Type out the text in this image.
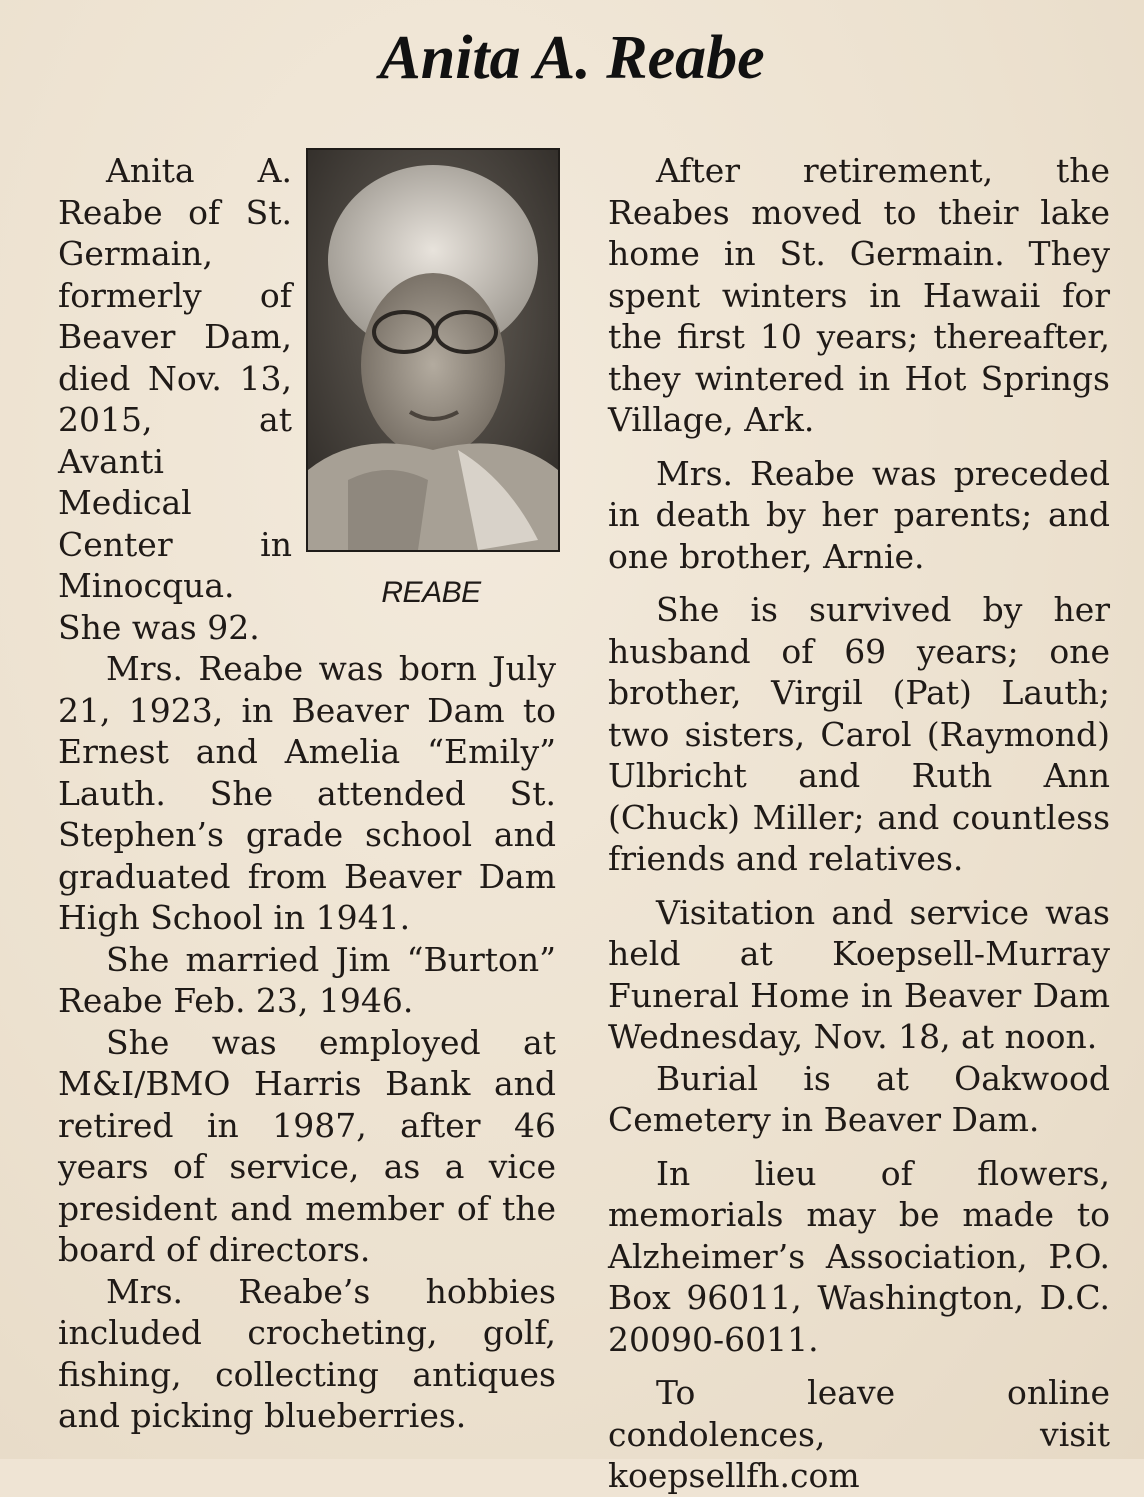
Anita A. Reabe
REABE

Anita A. Reabe of St. Germain, formerly of Beaver Dam, died Nov. 13, 2015, at Avanti Medical Center in Minocqua. She was 92.

Mrs. Reabe was born July 21, 1923, in Beaver Dam to Ernest and Amelia “Emily” Lauth. She attended St. Stephen’s grade school and graduated from Beaver Dam High School in 1941.

She married Jim “Burton” Reabe Feb. 23, 1946.

She was employed at M&I/BMO Harris Bank and retired in 1987, after 46 years of service, as a vice president and member of the board of directors.

Mrs. Reabe’s hobbies included crocheting, golf, fishing, collecting antiques and picking blueberries.

After retirement, the Reabes moved to their lake home in St. Germain. They spent winters in Hawaii for the first 10 years; thereafter, they wintered in Hot Springs Village, Ark.

Mrs. Reabe was preceded in death by her parents; and one brother, Arnie.

She is survived by her husband of 69 years; one brother, Virgil (Pat) Lauth; two sisters, Carol (Raymond) Ulbricht and Ruth Ann (Chuck) Miller; and countless friends and relatives.

Visitation and service was held at Koepsell-Murray Funeral Home in Beaver Dam Wednesday, Nov. 18, at noon.

Burial is at Oakwood Cemetery in Beaver Dam.

In lieu of flowers, memorials may be made to Alzheimer’s Association, P.O. Box 96011, Washington, D.C. 20090-6011.

To leave online condolences, visit koepsellfh.com
